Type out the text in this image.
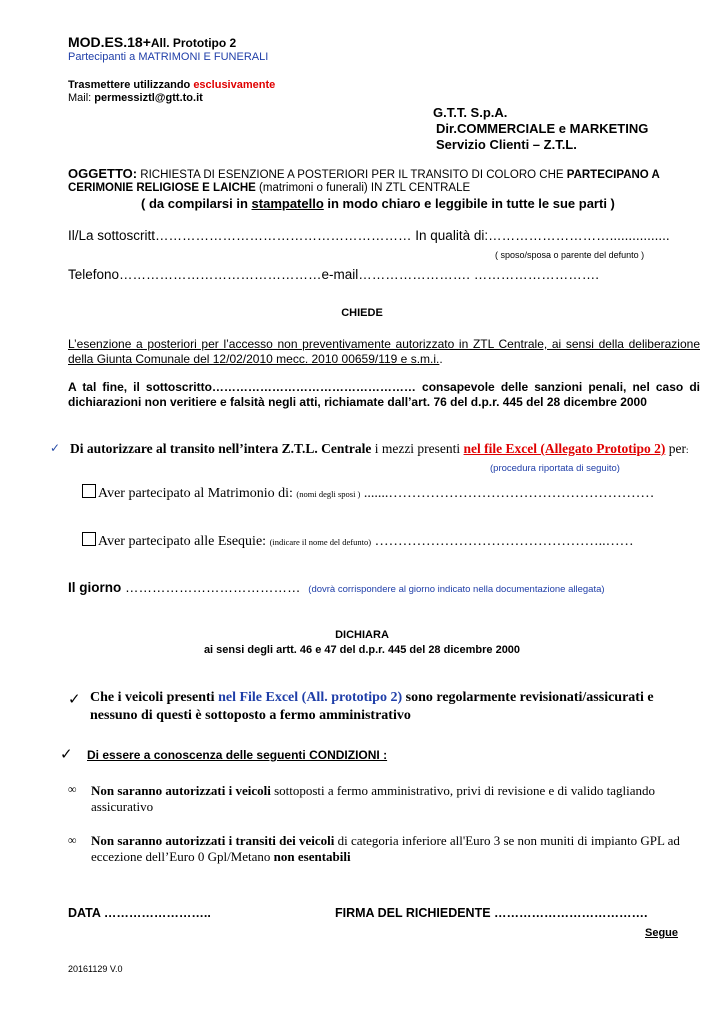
MOD.ES.18+All. Prototipo 2
Partecipanti a MATRIMONI E FUNERALI
Trasmettere utilizzando esclusivamente
Mail: permessiztl@gtt.to.it
G.T.T. S.p.A.
Dir.COMMERCIALE e MARKETING
Servizio Clienti – Z.T.L.
OGGETTO: RICHIESTA DI ESENZIONE A POSTERIORI PER IL TRANSITO DI COLORO CHE PARTECIPANO A
CERIMONIE RELIGIOSE E LAICHE (matrimoni o funerali) IN ZTL CENTRALE
( da compilarsi in stampatello in modo chiaro e leggibile in tutte le sue parti )
Il/La sottoscritt………………………………………………… In qualità di:………………………................
( sposo/sposa o parente del defunto )
Telefono………………………………………e-mail……………………. ……………………….
CHIEDE
L’esenzione a posteriori per l’accesso non preventivamente autorizzato in ZTL Centrale, ai sensi della deliberazione della Giunta Comunale del 12/02/2010 mecc. 2010 00659/119 e s.m.i..
A tal fine, il sottoscritto…………………………………………… consapevole delle sanzioni penali, nel caso di dichiarazioni non veritiere e falsità negli atti, richiamate dall’art. 76 del d.p.r. 445 del 28 dicembre 2000
✓ Di autorizzare al transito nell’intera Z.T.L. Centrale i mezzi presenti nel file Excel (Allegato Prototipo 2) per:
(procedura riportata di seguito)
Aver partecipato al Matrimonio di: (nomi degli sposi ) .......…………………………………………………
Aver partecipato alle Esequie: (indicare il nome del defunto) …………………………………………..……
Il giorno ………………………………… (dovrà corrispondere al giorno indicato nella documentazione allegata)
DICHIARA
ai sensi degli artt. 46 e 47 del d.p.r. 445 del 28 dicembre 2000
✓ Che i veicoli presenti nel File Excel (All. prototipo 2) sono regolarmente revisionati/assicurati e
nessuno di questi è sottoposto a fermo amministrativo
✓ Di essere a conoscenza delle seguenti CONDIZIONI :
∞ Non saranno autorizzati i veicoli sottoposti a fermo amministrativo, privi di revisione e di valido tagliando
assicurativo
∞ Non saranno autorizzati i transiti dei veicoli di categoria inferiore all'Euro 3 se non muniti di impianto GPL ad
eccezione dell’Euro 0 Gpl/Metano non esentabili
DATA ……………………..	FIRMA DEL RICHIEDENTE ……………………………….
Segue
20161129 V.0
